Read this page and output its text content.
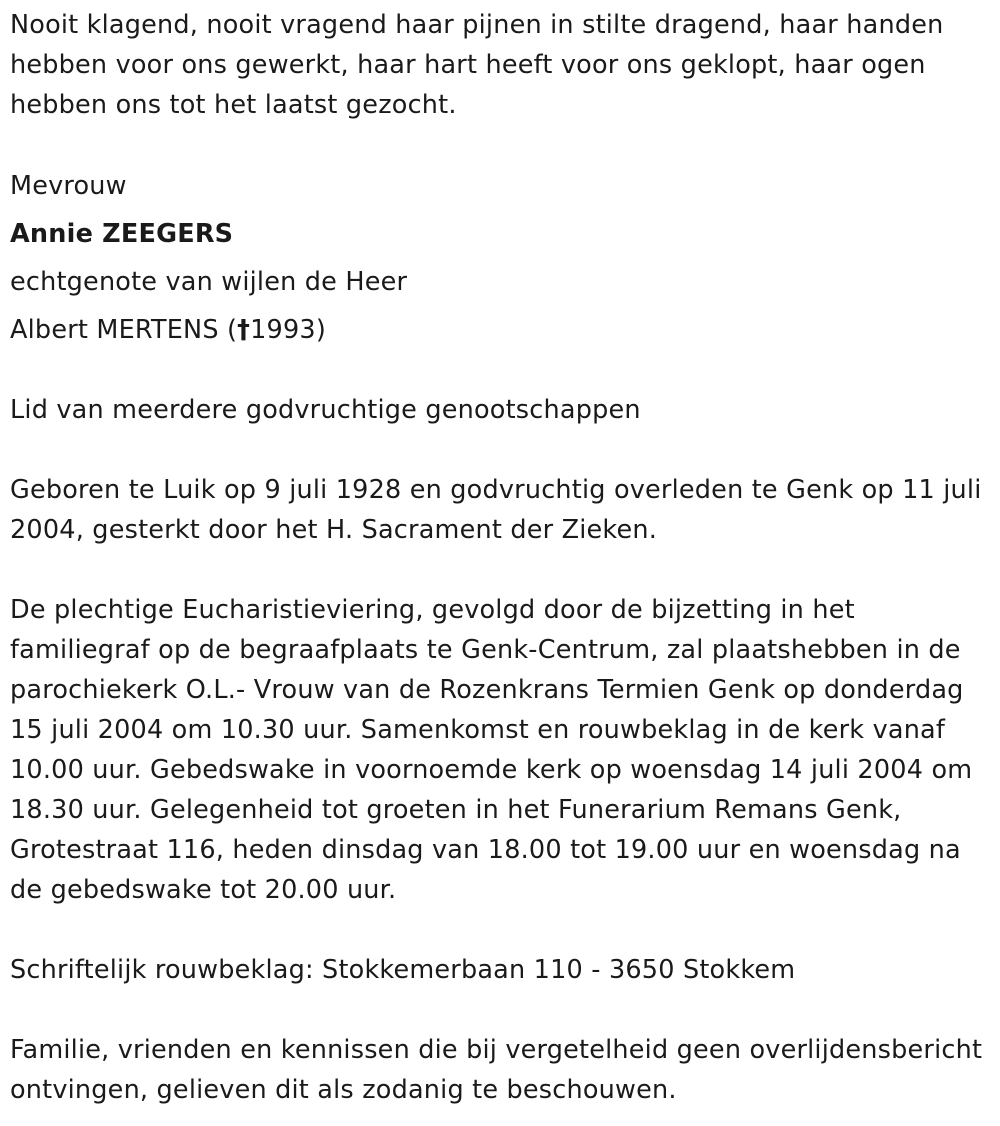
Nooit klagend, nooit vragend haar pijnen in stilte dragend, haar handen hebben voor ons gewerkt, haar hart heeft voor ons geklopt, haar ogen hebben ons tot het laatst gezocht.

Mevrouw

Annie ZEEGERS

echtgenote van wijlen de Heer

Albert MERTENS (†1993)

Lid van meerdere godvruchtige genootschappen

Geboren te Luik op 9 juli 1928 en godvruchtig overleden te Genk op 11 juli 2004, gesterkt door het H. Sacrament der Zieken.

De plechtige Eucharistieviering, gevolgd door de bijzetting in het familiegraf op de begraafplaats te Genk-Centrum, zal plaatshebben in de parochiekerk O.L.- Vrouw van de Rozenkrans Termien Genk op donderdag 15 juli 2004 om 10.30 uur. Samenkomst en rouwbeklag in de kerk vanaf 10.00 uur. Gebedswake in voornoemde kerk op woensdag 14 juli 2004 om 18.30 uur. Gelegenheid tot groeten in het Funerarium Remans Genk, Grotestraat 116, heden dinsdag van 18.00 tot 19.00 uur en woensdag na de gebedswake tot 20.00 uur.

Schriftelijk rouwbeklag: Stokkemerbaan 110 - 3650 Stokkem

Familie, vrienden en kennissen die bij vergetelheid geen overlijdensbericht ontvingen, gelieven dit als zodanig te beschouwen.
